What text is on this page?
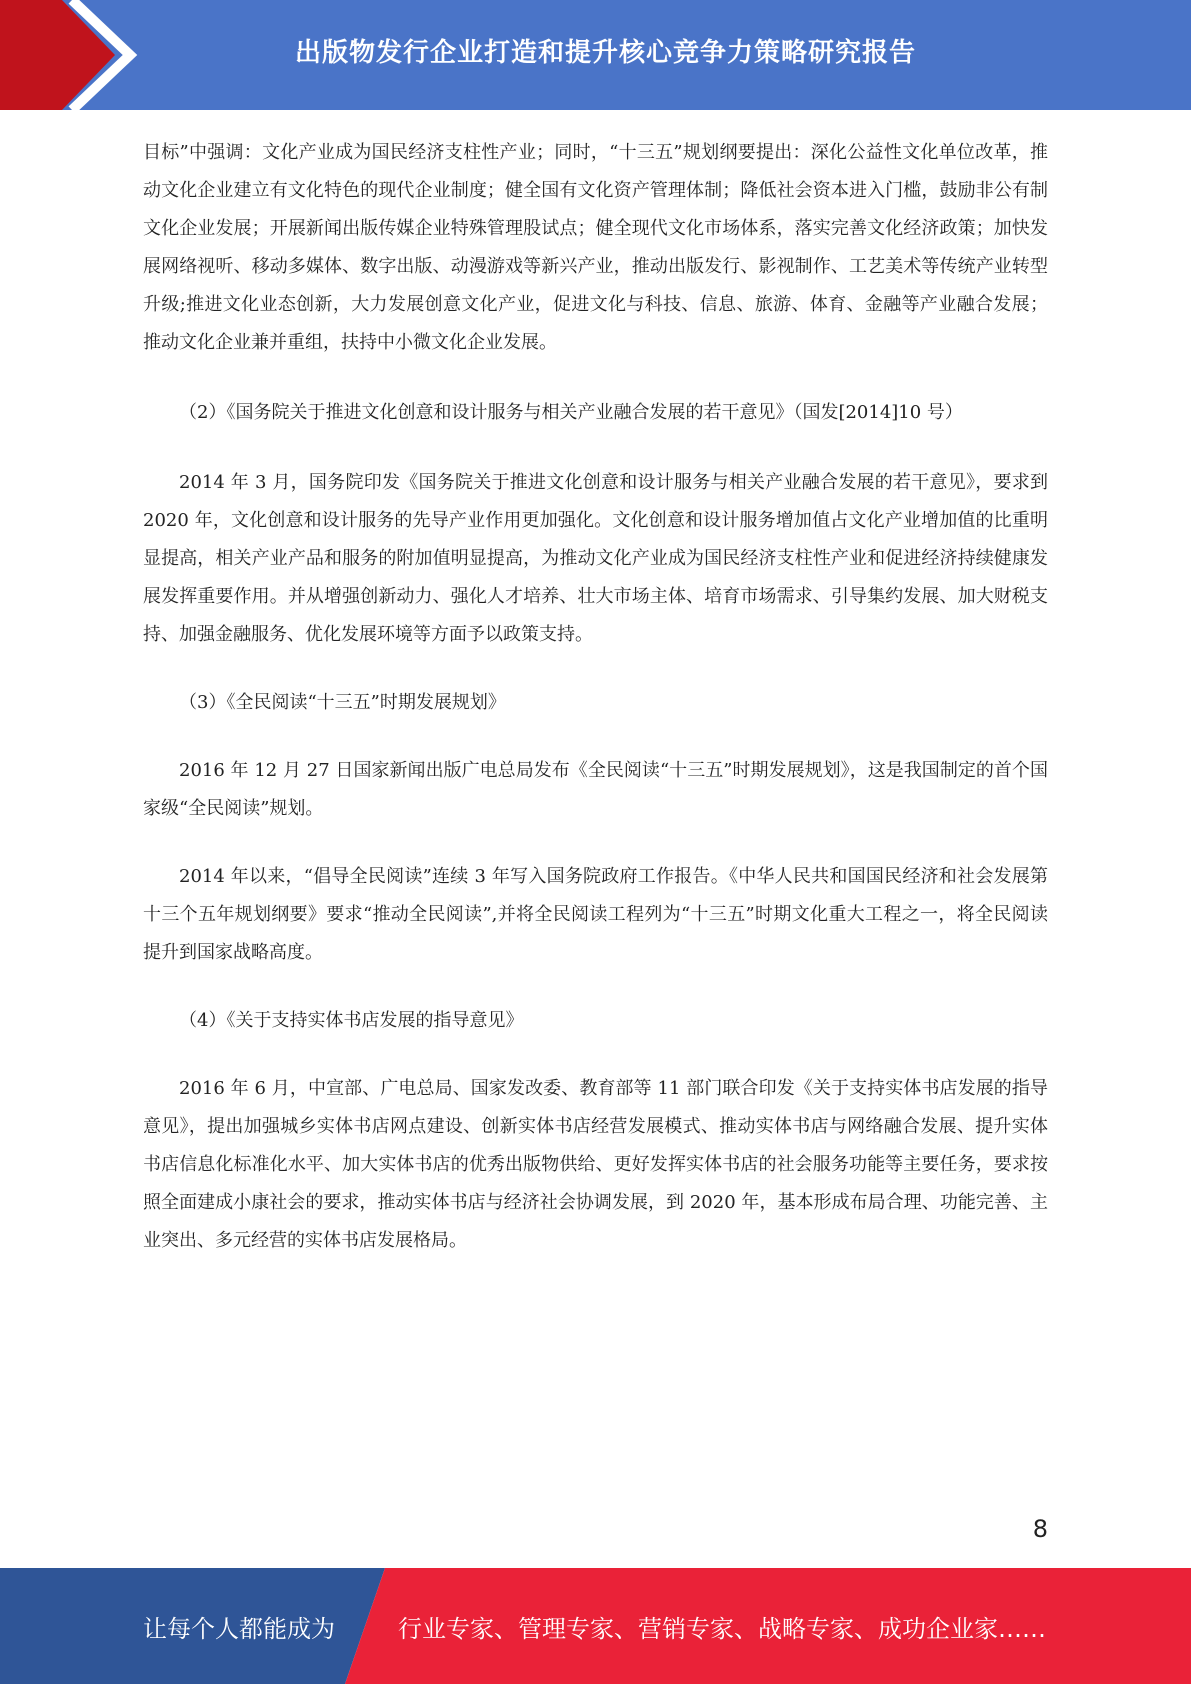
出版物发行企业打造和提升核心竞争力策略研究报告

目标”中强调：文化产业成为国民经济支柱性产业；同时，“十三五”规划纲要提出：深化公益性文化单位改革，推动文化企业建立有文化特色的现代企业制度；健全国有文化资产管理体制；降低社会资本进入门槛，鼓励非公有制文化企业发展；开展新闻出版传媒企业特殊管理股试点；健全现代文化市场体系，落实完善文化经济政策；加快发展网络视听、移动多媒体、数字出版、动漫游戏等新兴产业，推动出版发行、影视制作、工艺美术等传统产业转型升级;推进文化业态创新，大力发展创意文化产业，促进文化与科技、信息、旅游、体育、金融等产业融合发展；推动文化企业兼并重组，扶持中小微文化企业发展。

（2）《国务院关于推进文化创意和设计服务与相关产业融合发展的若干意见》（国发[2014]10 号）

2014 年 3 月，国务院印发《国务院关于推进文化创意和设计服务与相关产业融合发展的若干意见》，要求到 2020 年，文化创意和设计服务的先导产业作用更加强化。文化创意和设计服务增加值占文化产业增加值的比重明显提高，相关产业产品和服务的附加值明显提高，为推动文化产业成为国民经济支柱性产业和促进经济持续健康发展发挥重要作用。并从增强创新动力、强化人才培养、壮大市场主体、培育市场需求、引导集约发展、加大财税支持、加强金融服务、优化发展环境等方面予以政策支持。

（3）《全民阅读“十三五”时期发展规划》

2016 年 12 月 27 日国家新闻出版广电总局发布《全民阅读“十三五”时期发展规划》，这是我国制定的首个国家级“全民阅读”规划。

2014 年以来，“倡导全民阅读”连续 3 年写入国务院政府工作报告。《中华人民共和国国民经济和社会发展第十三个五年规划纲要》要求“推动全民阅读”,并将全民阅读工程列为“十三五”时期文化重大工程之一，将全民阅读提升到国家战略高度。

（4）《关于支持实体书店发展的指导意见》

2016 年 6 月，中宣部、广电总局、国家发改委、教育部等 11 部门联合印发《关于支持实体书店发展的指导意见》，提出加强城乡实体书店网点建设、创新实体书店经营发展模式、推动实体书店与网络融合发展、提升实体书店信息化标准化水平、加大实体书店的优秀出版物供给、更好发挥实体书店的社会服务功能等主要任务，要求按照全面建成小康社会的要求，推动实体书店与经济社会协调发展，到 2020 年，基本形成布局合理、功能完善、主业突出、多元经营的实体书店发展格局。

8
让每个人都能成为	行业专家、管理专家、营销专家、战略专家、成功企业家……
